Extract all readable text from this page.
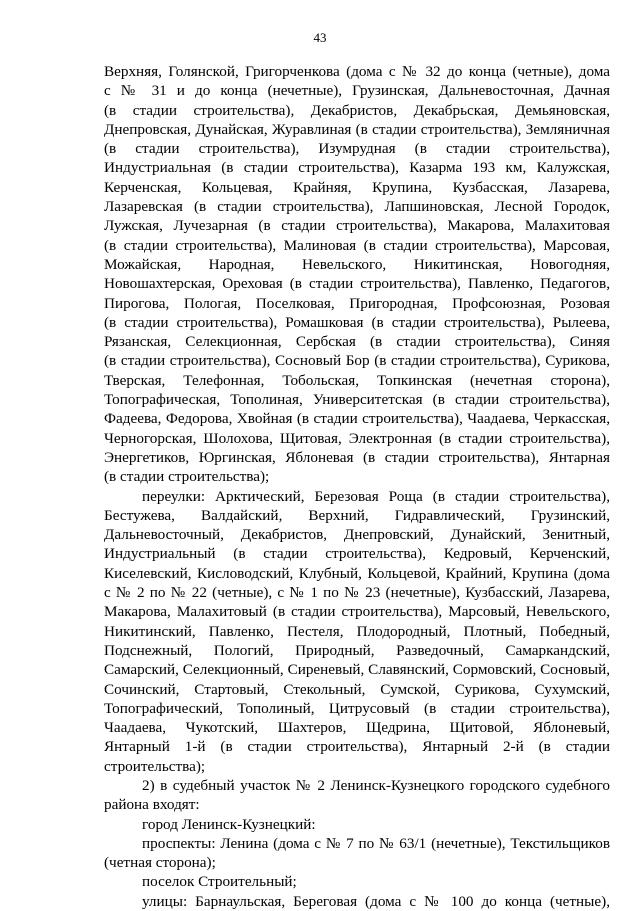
43

Верхняя, Голянской, Григорченкова (дома с № 32 до конца (четные), дома

с № 31 и до конца (нечетные), Грузинская, Дальневосточная, Дачная

(в стадии строительства), Декабристов, Декабрьская, Демьяновская,

Днепровская, Дунайская, Журавлиная (в стадии строительства), Земляничная

(в стадии строительства), Изумрудная (в стадии строительства),

Индустриальная (в стадии строительства), Казарма 193 км, Калужская,

Керченская, Кольцевая, Крайняя, Крупина, Кузбасская, Лазарева,

Лазаревская (в стадии строительства), Лапшиновская, Лесной Городок,

Лужская, Лучезарная (в стадии строительства), Макарова, Малахитовая

(в стадии строительства), Малиновая (в стадии строительства), Марсовая,

Можайская, Народная, Невельского, Никитинская, Новогодняя,

Новошахтерская, Ореховая (в стадии строительства), Павленко, Педагогов,

Пирогова, Пологая, Поселковая, Пригородная, Профсоюзная, Розовая

(в стадии строительства), Ромашковая (в стадии строительства), Рылеева,

Рязанская, Селекционная, Сербская (в стадии строительства), Синяя

(в стадии строительства), Сосновый Бор (в стадии строительства), Сурикова,

Тверская, Телефонная, Тобольская, Топкинская (нечетная сторона),

Топографическая, Тополиная, Университетская (в стадии строительства),

Фадеева, Федорова, Хвойная (в стадии строительства), Чаадаева, Черкасская,

Черногорская, Шолохова, Щитовая, Электронная (в стадии строительства),

Энергетиков, Юргинская, Яблоневая (в стадии строительства), Янтарная

(в стадии строительства);

переулки: Арктический, Березовая Роща (в стадии строительства),

Бестужева, Валдайский, Верхний, Гидравлический, Грузинский,

Дальневосточный, Декабристов, Днепровский, Дунайский, Зенитный,

Индустриальный (в стадии строительства), Кедровый, Керченский,

Киселевский, Кисловодский, Клубный, Кольцевой, Крайний, Крупина (дома

с № 2 по № 22 (четные), с № 1 по № 23 (нечетные), Кузбасский, Лазарева,

Макарова, Малахитовый (в стадии строительства), Марсовый, Невельского,

Никитинский, Павленко, Пестеля, Плодородный, Плотный, Победный,

Подснежный, Пологий, Природный, Разведочный, Самаркандский,

Самарский, Селекционный, Сиреневый, Славянский, Сормовский, Сосновый,

Сочинский, Стартовый, Стекольный, Сумской, Сурикова, Сухумский,

Топографический, Тополиный, Цитрусовый (в стадии строительства),

Чаадаева, Чукотский, Шахтеров, Щедрина, Щитовой, Яблоневый,

Янтарный 1-й (в стадии строительства), Янтарный 2-й (в стадии

строительства);

2) в судебный участок № 2 Ленинск-Кузнецкого городского судебного

района входят:

город Ленинск-Кузнецкий:

проспекты: Ленина (дома с № 7 по № 63/1 (нечетные), Текстильщиков

(четная сторона);

поселок Строительный;

улицы: Барнаульская, Береговая (дома с № 100 до конца (четные),
